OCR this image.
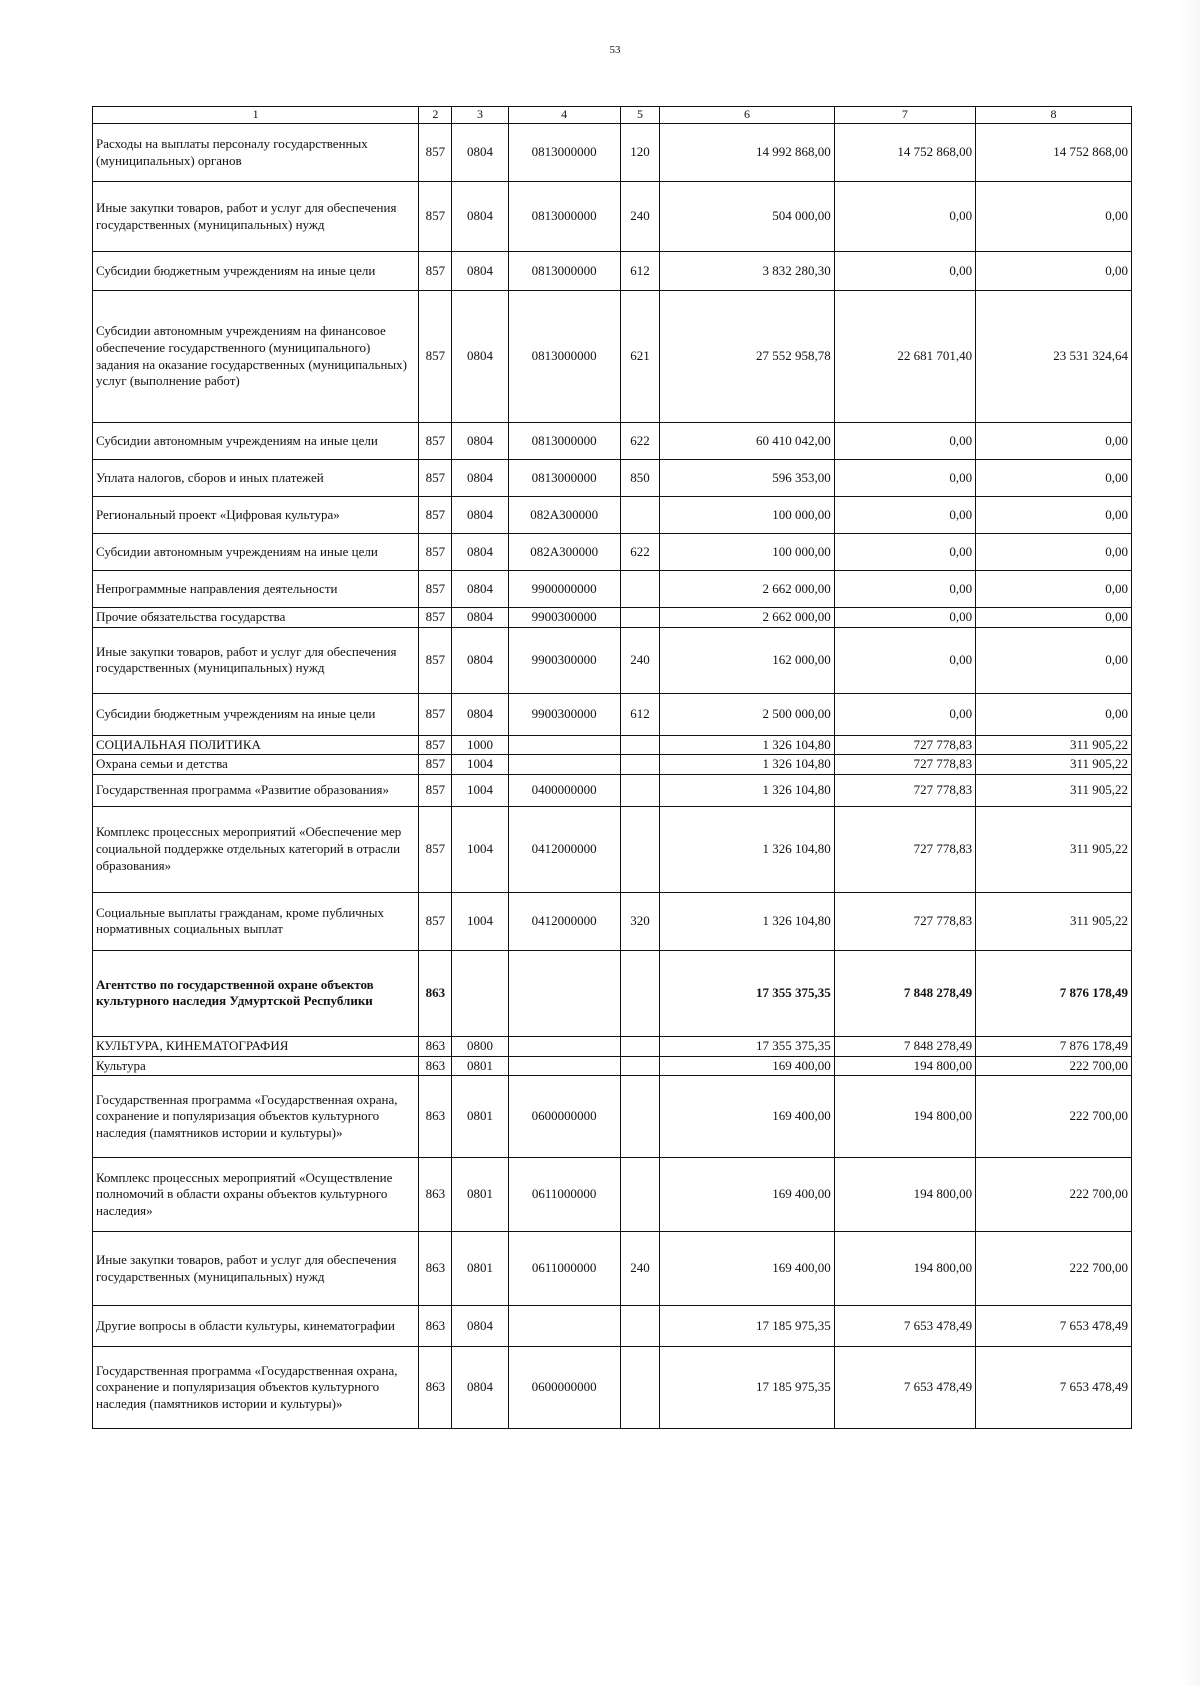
53
1	2	3	4	5	6	7	8
Расходы на выплаты персоналу государственных (муниципальных) органов	857	0804	0813000000	120	14 992 868,00	14 752 868,00	14 752 868,00
Иные закупки товаров, работ и услуг для обеспечения государственных (муниципальных) нужд	857	0804	0813000000	240	504 000,00	0,00	0,00
Субсидии бюджетным учреждениям на иные цели	857	0804	0813000000	612	3 832 280,30	0,00	0,00
Субсидии автономным учреждениям на финансовое обеспечение государственного (муниципального) задания на оказание государственных (муниципальных) услуг (выполнение работ)	857	0804	0813000000	621	27 552 958,78	22 681 701,40	23 531 324,64
Субсидии автономным учреждениям на иные цели	857	0804	0813000000	622	60 410 042,00	0,00	0,00
Уплата налогов, сборов и иных платежей	857	0804	0813000000	850	596 353,00	0,00	0,00
Региональный проект «Цифровая культура»	857	0804	082A300000		100 000,00	0,00	0,00
Субсидии автономным учреждениям на иные цели	857	0804	082A300000	622	100 000,00	0,00	0,00
Непрограммные направления деятельности	857	0804	9900000000		2 662 000,00	0,00	0,00
Прочие обязательства государства	857	0804	9900300000		2 662 000,00	0,00	0,00
Иные закупки товаров, работ и услуг для обеспечения государственных (муниципальных) нужд	857	0804	9900300000	240	162 000,00	0,00	0,00
Субсидии бюджетным учреждениям на иные цели	857	0804	9900300000	612	2 500 000,00	0,00	0,00
СОЦИАЛЬНАЯ ПОЛИТИКА	857	1000			1 326 104,80	727 778,83	311 905,22
Охрана семьи и детства	857	1004			1 326 104,80	727 778,83	311 905,22
Государственная программа «Развитие образования»	857	1004	0400000000		1 326 104,80	727 778,83	311 905,22
Комплекс процессных мероприятий «Обеспечение мер социальной поддержке отдельных категорий в отрасли образования»	857	1004	0412000000		1 326 104,80	727 778,83	311 905,22
Социальные выплаты гражданам, кроме публичных нормативных социальных выплат	857	1004	0412000000	320	1 326 104,80	727 778,83	311 905,22
Агентство по государственной охране объектов культурного наследия Удмуртской Республики	863				17 355 375,35	7 848 278,49	7 876 178,49
КУЛЬТУРА, КИНЕМАТОГРАФИЯ	863	0800			17 355 375,35	7 848 278,49	7 876 178,49
Культура	863	0801			169 400,00	194 800,00	222 700,00
Государственная программа «Государственная охрана, сохранение и популяризация объектов культурного наследия (памятников истории и культуры)»	863	0801	0600000000		169 400,00	194 800,00	222 700,00
Комплекс процессных мероприятий «Осуществление полномочий в области охраны объектов культурного наследия»	863	0801	0611000000		169 400,00	194 800,00	222 700,00
Иные закупки товаров, работ и услуг для обеспечения государственных (муниципальных) нужд	863	0801	0611000000	240	169 400,00	194 800,00	222 700,00
Другие вопросы в области культуры, кинематографии	863	0804			17 185 975,35	7 653 478,49	7 653 478,49
Государственная программа «Государственная охрана, сохранение и популяризация объектов культурного наследия (памятников истории и культуры)»	863	0804	0600000000		17 185 975,35	7 653 478,49	7 653 478,49
